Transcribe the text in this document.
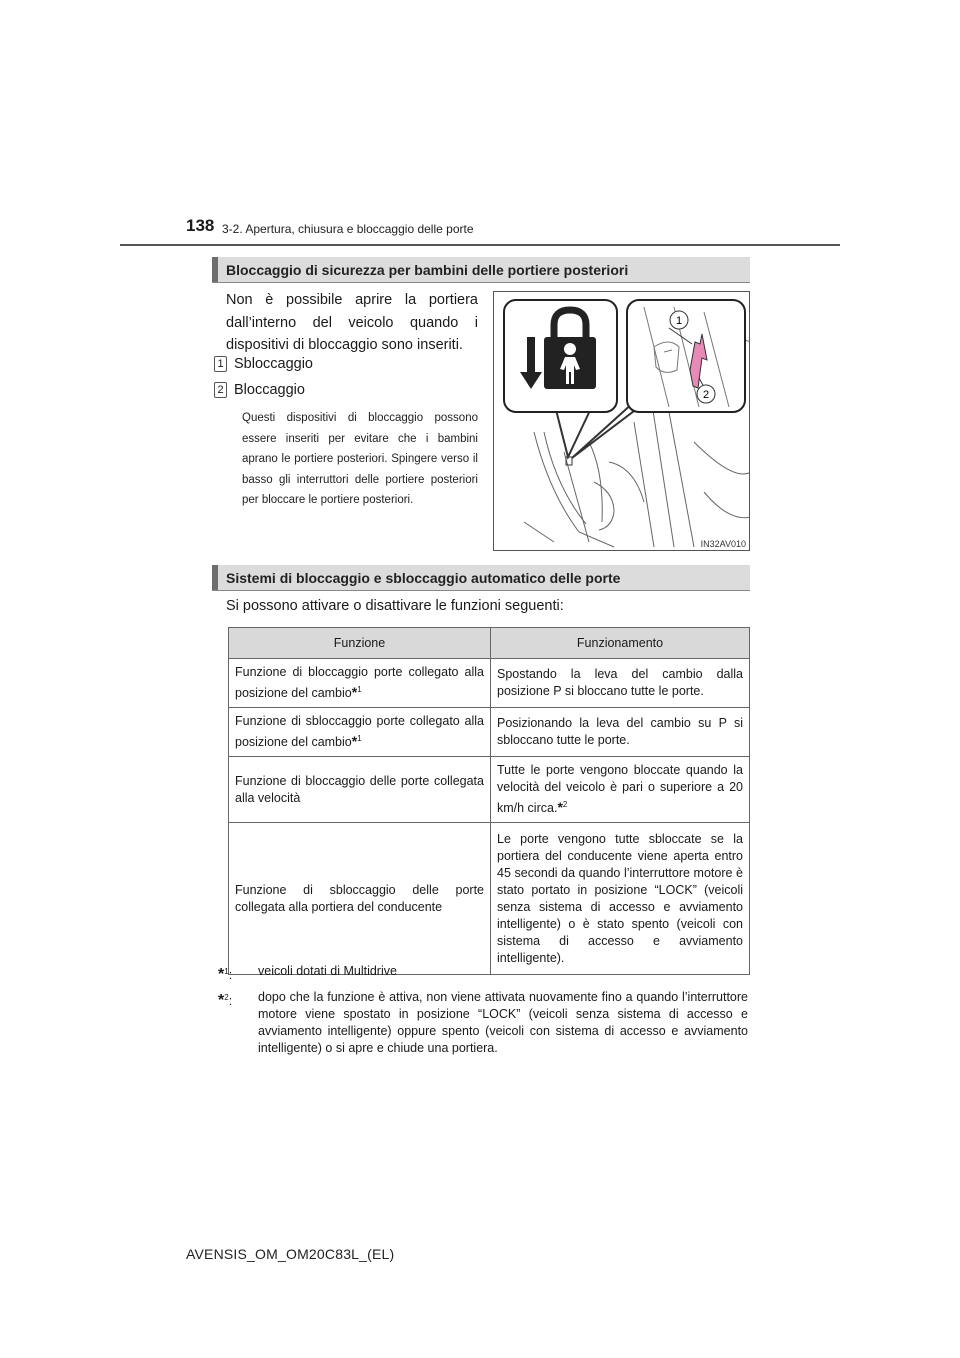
138 3-2. Apertura, chiusura e bloccaggio delle porte
Bloccaggio di sicurezza per bambini delle portiere posteriori
Non è possibile aprire la portiera dall’interno del veicolo quando i dispositivi di bloccaggio sono inseriti.
1 Sbloccaggio
2 Bloccaggio
Questi dispositivi di bloccaggio possono essere inseriti per evitare che i bambini aprano le portiere posteriori. Spingere verso il basso gli interruttori delle portiere posteriori per bloccare le portiere posteriori.
1
2
IN32AV010
Sistemi di bloccaggio e sbloccaggio automatico delle porte
Si possono attivare o disattivare le funzioni seguenti:
Funzione	Funzionamento
Funzione di bloccaggio porte collegato alla posizione del cambio*$^1$	Spostando la leva del cambio dalla posizione P si bloccano tutte le porte.
Funzione di sbloccaggio porte collegato alla posizione del cambio*$^1$	Posizionando la leva del cambio su P si sbloccano tutte le porte.
Funzione di bloccaggio delle porte collegata alla velocità	Tutte le porte vengono bloccate quando la velocità del veicolo è pari o superiore a 20 km/h circa.*$^2$
Funzione di sbloccaggio delle porte collegata alla portiera del conducente	Le porte vengono tutte sbloccate se la portiera del conducente viene aperta entro 45 secondi da quando l’interruttore motore è stato portato in posizione “LOCK” (veicoli senza sistema di accesso e avviamento intelligente) o è stato spento (veicoli con sistema di accesso e avviamento intelligente).
*$^1$: veicoli dotati di Multidrive
*$^2$: dopo che la funzione è attiva, non viene attivata nuovamente fino a quando l’interruttore motore viene spostato in posizione “LOCK” (veicoli senza sistema di accesso e avviamento intelligente) oppure spento (veicoli con sistema di accesso e avviamento intelligente) o si apre e chiude una portiera.
AVENSIS_OM_OM20C83L_(EL)
